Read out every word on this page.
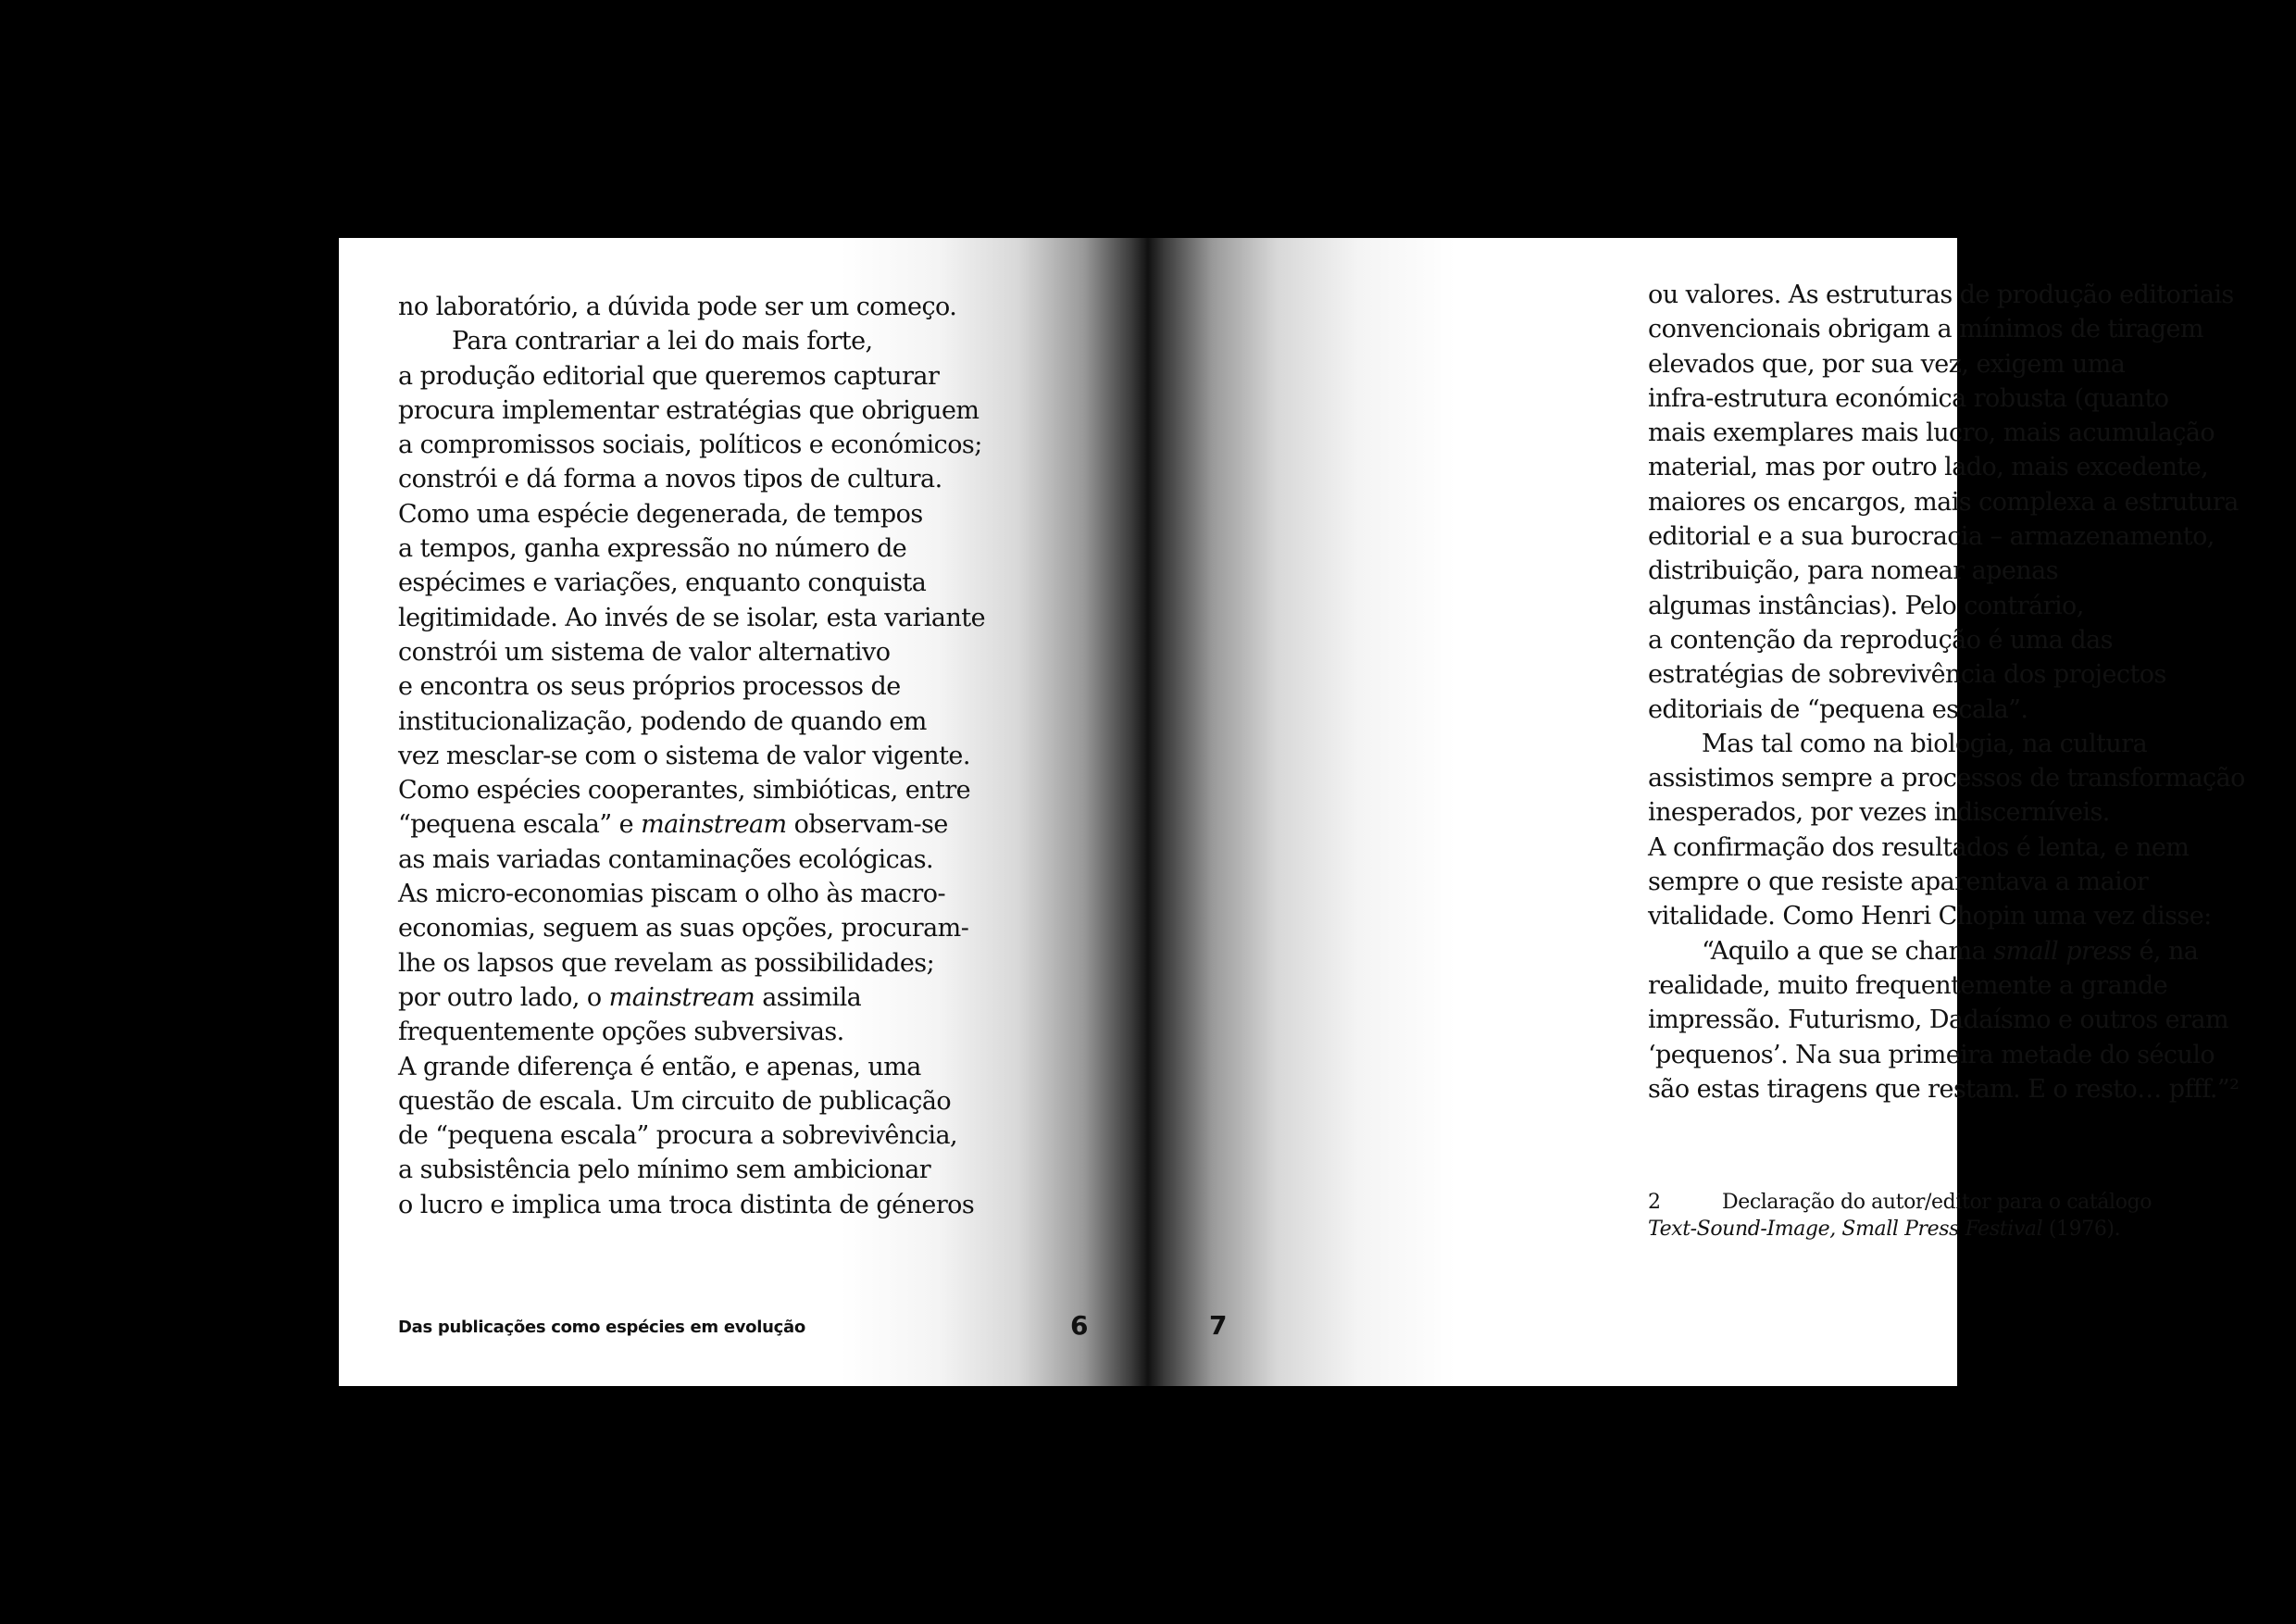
no laboratório, a dúvida pode ser um começo.
Para contrariar a lei do mais forte,
a produção editorial que queremos capturar
procura implementar estratégias que obriguem
a compromissos sociais, políticos e económicos;
constrói e dá forma a novos tipos de cultura.
Como uma espécie degenerada, de tempos
a tempos, ganha expressão no número de
espécimes e variações, enquanto conquista
legitimidade. Ao invés de se isolar, esta variante
constrói um sistema de valor alternativo
e encontra os seus próprios processos de
institucionalização, podendo de quando em
vez mesclar-se com o sistema de valor vigente.
Como espécies cooperantes, simbióticas, entre
“pequena escala” e mainstream observam-se
as mais variadas contaminações ecológicas.
As micro-economias piscam o olho às macro-
economias, seguem as suas opções, procuram-
lhe os lapsos que revelam as possibilidades;
por outro lado, o mainstream assimila
frequentemente opções subversivas.
A grande diferença é então, e apenas, uma
questão de escala. Um circuito de publicação
de “pequena escala” procura a sobrevivência,
a subsistência pelo mínimo sem ambicionar
o lucro e implica uma troca distinta de géneros
Das publicações como espécies em evolução	6
ou valores. As estruturas de produção editoriais
convencionais obrigam a mínimos de tiragem
elevados que, por sua vez, exigem uma
infra-estrutura económica robusta (quanto
mais exemplares mais lucro, mais acumulação
material, mas por outro lado, mais excedente,
maiores os encargos, mais complexa a estrutura
editorial e a sua burocracia – armazenamento,
distribuição, para nomear apenas
algumas instâncias). Pelo contrário,
a contenção da reprodução é uma das
estratégias de sobrevivência dos projectos
editoriais de “pequena escala”.
Mas tal como na biologia, na cultura
assistimos sempre a processos de transformação
inesperados, por vezes indiscerníveis.
A confirmação dos resultados é lenta, e nem
sempre o que resiste aparentava a maior
vitalidade. Como Henri Chopin uma vez disse:
“Aquilo a que se chama small press é, na
realidade, muito frequentemente a grande
impressão. Futurismo, Dadaísmo e outros eram
‘pequenos’. Na sua primeira metade do século
são estas tiragens que restam. E o resto… pfff.”²
2	Declaração do autor/editor para o catálogo
Text-Sound-Image, Small Press Festival (1976).
7
